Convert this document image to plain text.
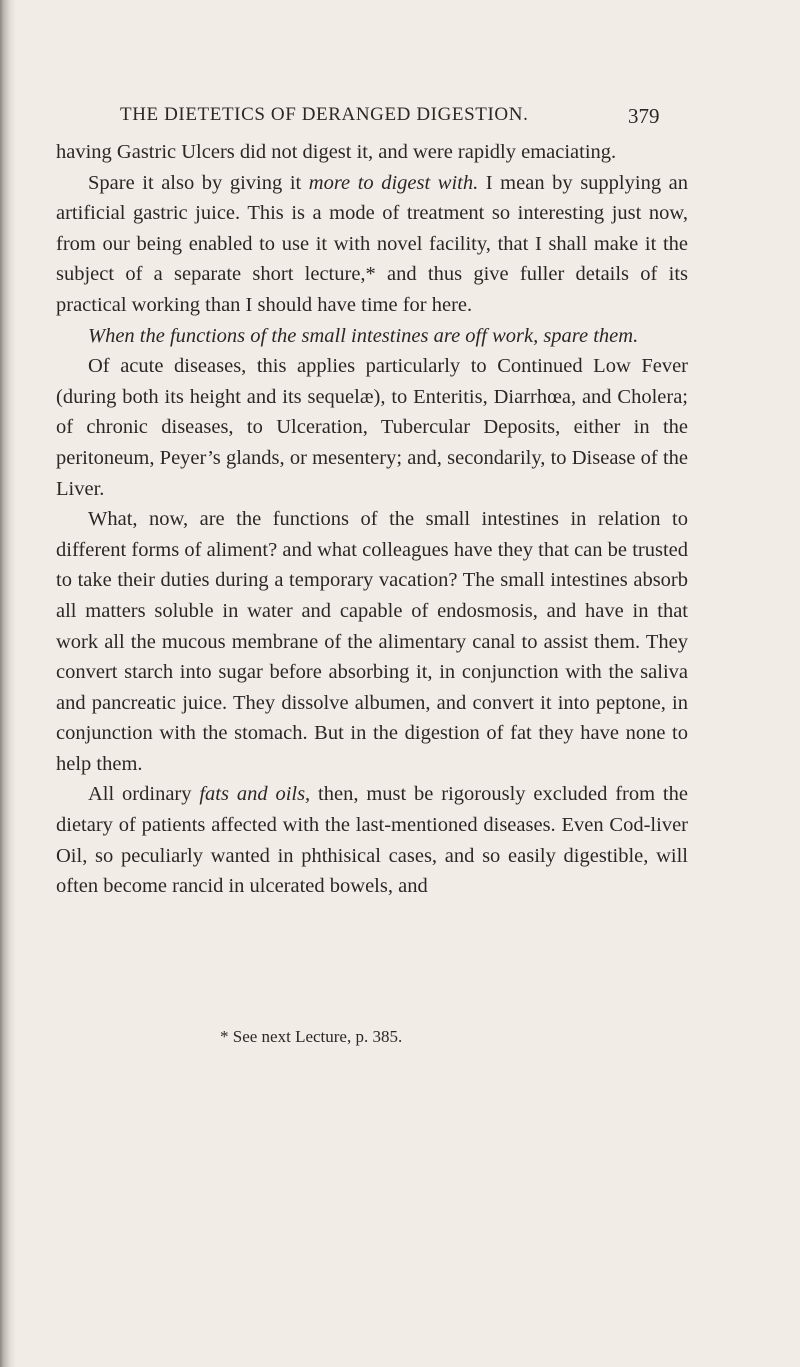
THE DIETETICS OF DERANGED DIGESTION.	379

having Gastric Ulcers did not digest it, and were rapidly emaciating.

Spare it also by giving it more to digest with. I mean by supplying an artificial gastric juice. This is a mode of treatment so interesting just now, from our being enabled to use it with novel facility, that I shall make it the subject of a separate short lecture,* and thus give fuller details of its practical working than I should have time for here.

When the functions of the small intestines are off work, spare them.

Of acute diseases, this applies particularly to Continued Low Fever (during both its height and its sequelæ), to Enteritis, Diarrhœa, and Cholera; of chronic diseases, to Ulceration, Tubercular Deposits, either in the peritoneum, Peyer’s glands, or mesentery; and, secondarily, to Disease of the Liver.

What, now, are the functions of the small intestines in relation to different forms of aliment? and what colleagues have they that can be trusted to take their duties during a temporary vacation? The small intestines absorb all matters soluble in water and capable of endosmosis, and have in that work all the mucous membrane of the alimentary canal to assist them. They convert starch into sugar before absorbing it, in conjunction with the saliva and pancreatic juice. They dissolve albumen, and convert it into peptone, in conjunction with the stomach. But in the digestion of fat they have none to help them.

All ordinary fats and oils, then, must be rigorously excluded from the dietary of patients affected with the last-mentioned diseases. Even Cod-liver Oil, so peculiarly wanted in phthisical cases, and so easily digestible, will often become rancid in ulcerated bowels, and

* See next Lecture, p. 385.
